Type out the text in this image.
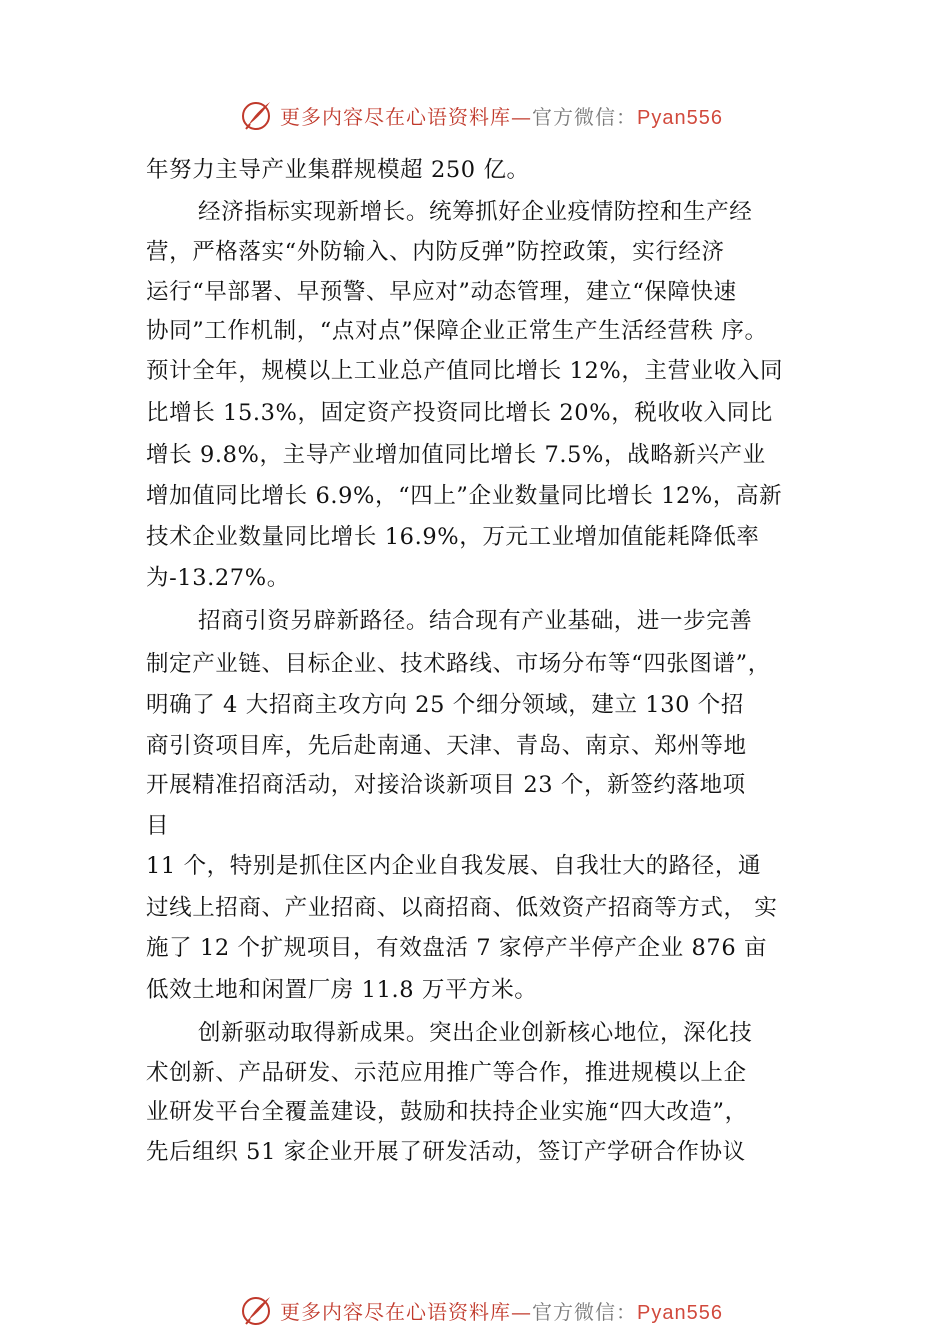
更多内容尽在心语资料库—官方微信：Pyan556
年努力主导产业集群规模超 250 亿。
经济指标实现新增长。统筹抓好企业疫情防控和生产经
营，严格落实“外防输入、内防反弹”防控政策，实行经济
运行“早部署、早预警、早应对”动态管理，建立“保障快速
协同”工作机制，“点对点”保障企业正常生产生活经营秩 序。
预计全年，规模以上工业总产值同比增长 12%，主营业收入同
比增长 15.3%，固定资产投资同比增长 20%，税收收入同比
增长 9.8%，主导产业增加值同比增长 7.5%，战略新兴产业
增加值同比增长 6.9%，“四上”企业数量同比增长 12%，高新
技术企业数量同比增长 16.9%，万元工业增加值能耗降低率
为-13.27%。
招商引资另辟新路径。结合现有产业基础，进一步完善
制定产业链、目标企业、技术路线、市场分布等“四张图谱”，
明确了 4 大招商主攻方向 25 个细分领域，建立 130 个招
商引资项目库，先后赴南通、天津、青岛、南京、郑州等地
开展精准招商活动，对接洽谈新项目 23 个，新签约落地项
目
11 个，特别是抓住区内企业自我发展、自我壮大的路径，通
过线上招商、产业招商、以商招商、低效资产招商等方式， 实
施了 12 个扩规项目，有效盘活 7 家停产半停产企业 876 亩
低效土地和闲置厂房 11.8 万平方米。
创新驱动取得新成果。突出企业创新核心地位，深化技
术创新、产品研发、示范应用推广等合作，推进规模以上企
业研发平台全覆盖建设，鼓励和扶持企业实施“四大改造”，
先后组织 51 家企业开展了研发活动，签订产学研合作协议
更多内容尽在心语资料库—官方微信：Pyan556
